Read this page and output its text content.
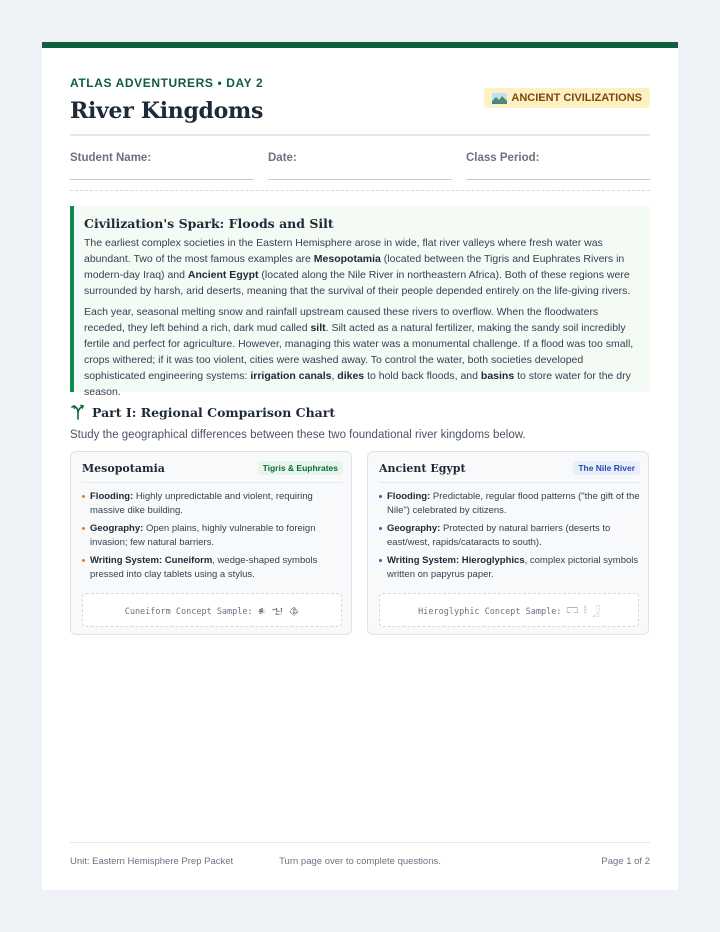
ATLAS ADVENTURERS • DAY 2
River Kingdoms	ANCIENT CIVILIZATIONS
Student Name:	Date:	Class Period:
Civilization's Spark: Floods and Silt

The earliest complex societies in the Eastern Hemisphere arose in wide, flat river valleys where fresh water was abundant. Two of the most famous examples are Mesopotamia (located between the Tigris and Euphrates Rivers in modern-day Iraq) and Ancient Egypt (located along the Nile River in northeastern Africa). Both of these regions were surrounded by harsh, arid deserts, meaning that the survival of their people depended entirely on the life-giving rivers.

Each year, seasonal melting snow and rainfall upstream caused these rivers to overflow. When the floodwaters receded, they left behind a rich, dark mud called silt. Silt acted as a natural fertilizer, making the sandy soil incredibly fertile and perfect for agriculture. However, managing this water was a monumental challenge. If a flood was too small, crops withered; if it was too violent, cities were washed away. To control the water, both societies developed sophisticated engineering systems: irrigation canals, dikes to hold back floods, and basins to store water for the dry season.

Part I: Regional Comparison Chart
Study the geographical differences between these two foundational river kingdoms below.
Mesopotamia	Tigris & Euphrates
Flooding: Highly unpredictable and violent, requiring massive dike building.
Geography: Open plains, highly vulnerable to foreign invasion; few natural barriers.
Writing System: Cuneiform, wedge-shaped symbols pressed into clay tablets using a stylus.
Cuneiform Concept Sample: 𒀭 𒈠 𒆠
Ancient Egypt	The Nile River
Flooding: Predictable, regular flood patterns ("the gift of the Nile") celebrated by citizens.
Geography: Protected by natural barriers (deserts to east/west, rapids/cataracts to south).
Writing System: Hieroglyphics, complex pictorial symbols written on papyrus paper.
Hieroglyphic Concept Sample: 𓉐 𓎛 𓃀
Unit: Eastern Hemisphere Prep Packet	Turn page over to complete questions.	Page 1 of 2
